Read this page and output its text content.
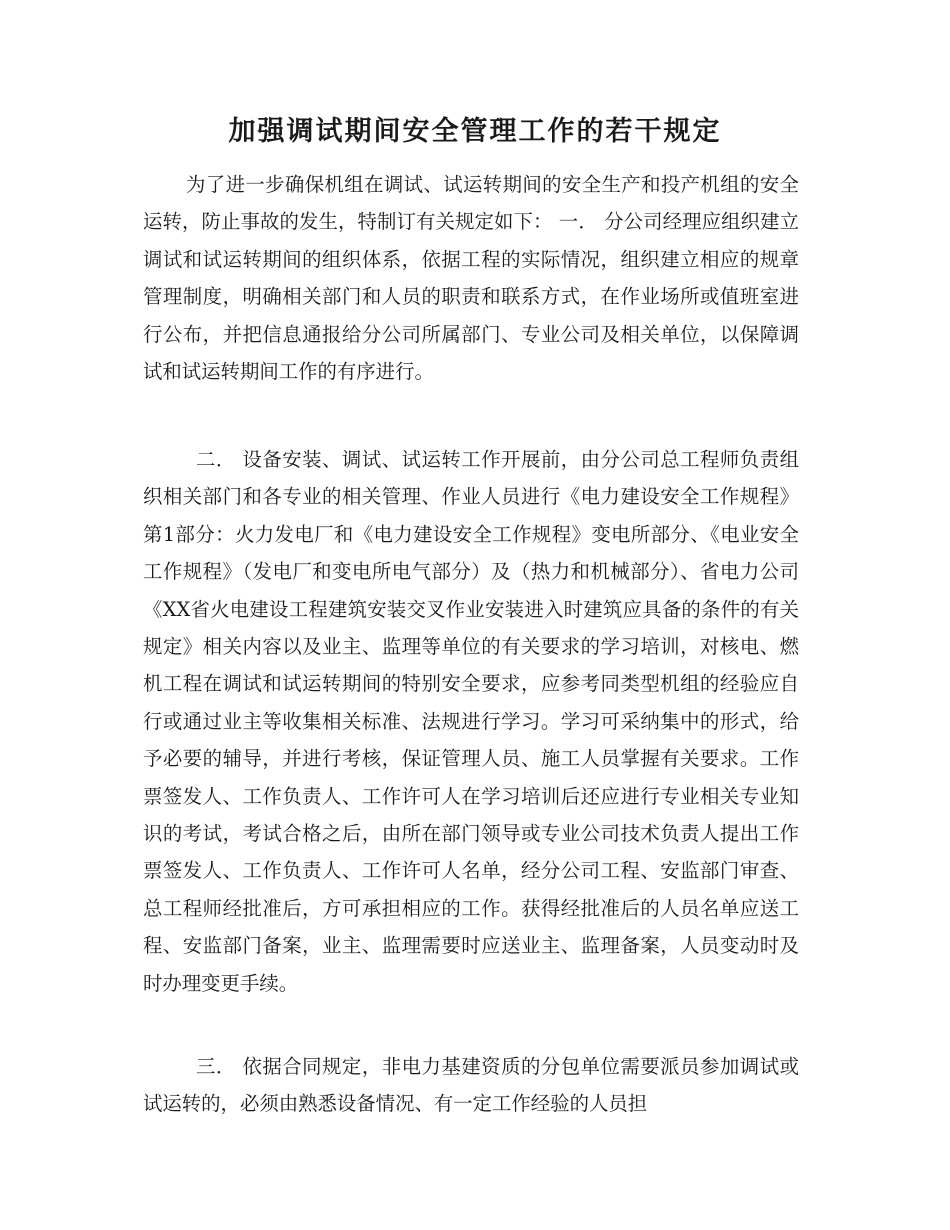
加强调试期间安全管理工作的若干规定
为了进一步确保机组在调试、试运转期间的安全生产和投产机组的安全运转，防止事故的发生，特制订有关规定如下： 一． 分公司经理应组织建立调试和试运转期间的组织体系，依据工程的实际情况，组织建立相应的规章管理制度，明确相关部门和人员的职责和联系方式，在作业场所或值班室进行公布，并把信息通报给分公司所属部门、专业公司及相关单位，以保障调试和试运转期间工作的有序进行。
二． 设备安装、调试、试运转工作开展前，由分公司总工程师负责组织相关部门和各专业的相关管理、作业人员进行《电力建设安全工作规程》第1部分：火力发电厂和《电力建设安全工作规程》变电所部分、《电业安全工作规程》（发电厂和变电所电气部分）及（热力和机械部分）、省电力公司《XX省火电建设工程建筑安装交叉作业安装进入时建筑应具备的条件的有关规定》相关内容以及业主、监理等单位的有关要求的学习培训，对核电、燃机工程在调试和试运转期间的特别安全要求，应参考同类型机组的经验应自行或通过业主等收集相关标准、法规进行学习。学习可采纳集中的形式，给予必要的辅导，并进行考核，保证管理人员、施工人员掌握有关要求。工作票签发人、工作负责人、工作许可人在学习培训后还应进行专业相关专业知识的考试，考试合格之后，由所在部门领导或专业公司技术负责人提出工作票签发人、工作负责人、工作许可人名单，经分公司工程、安监部门审查、总工程师经批准后，方可承担相应的工作。获得经批准后的人员名单应送工程、安监部门备案，业主、监理需要时应送业主、监理备案，人员变动时及时办理变更手续。
三． 依据合同规定，非电力基建资质的分包单位需要派员参加调试或试运转的，必须由熟悉设备情况、有一定工作经验的人员担
